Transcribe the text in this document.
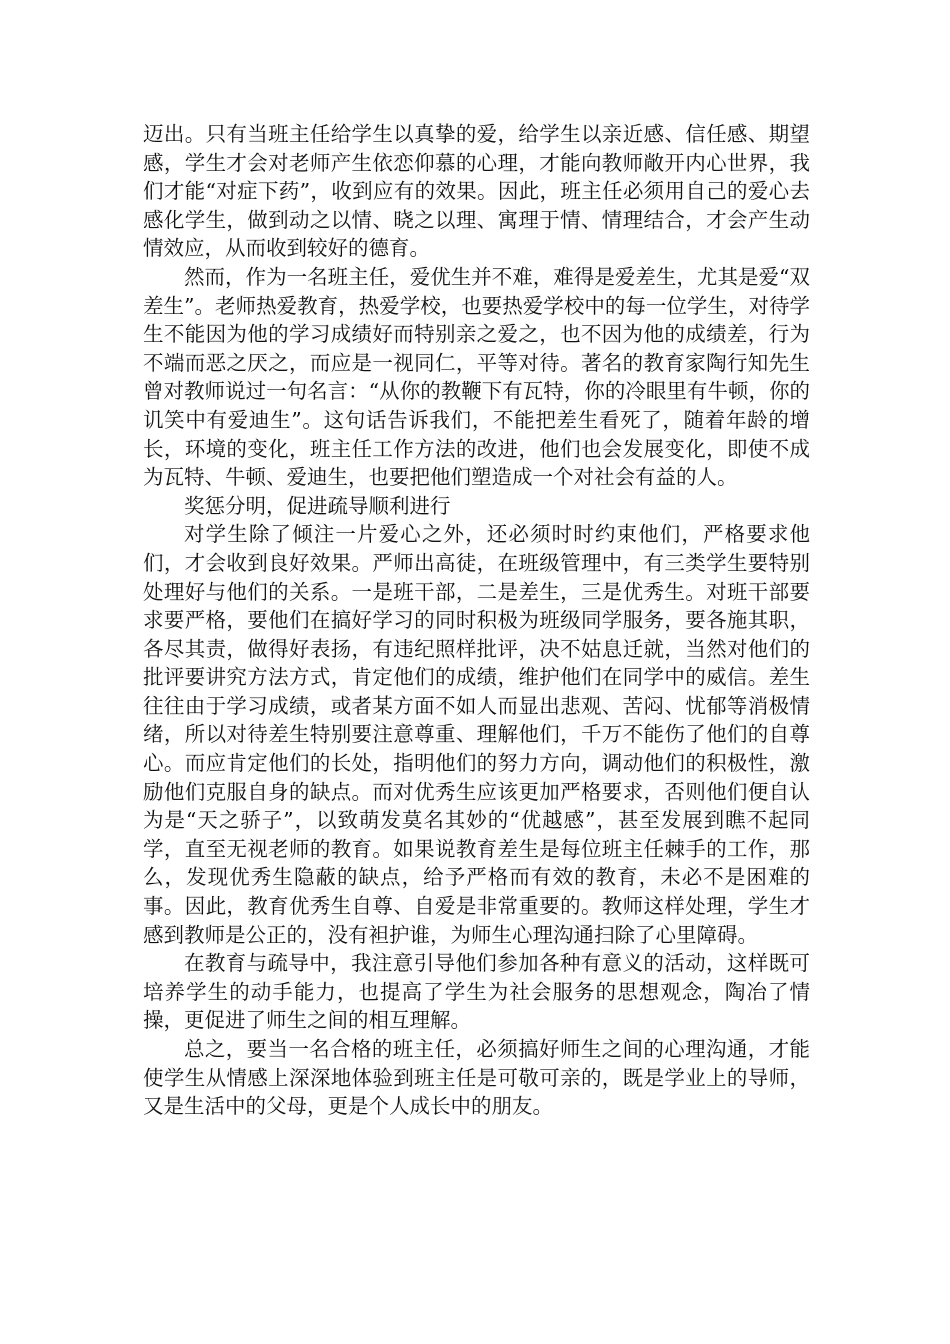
迈出。只有当班主任给学生以真挚的爱，给学生以亲近感、信任感、期望感，学生才会对老师产生依恋仰慕的心理，才能向教师敞开内心世界，我们才能“对症下药”，收到应有的效果。因此，班主任必须用自己的爱心去感化学生，做到动之以情、晓之以理、寓理于情、情理结合，才会产生动情效应，从而收到较好的德育。

然而，作为一名班主任，爱优生并不难，难得是爱差生，尤其是爱“双差生”。老师热爱教育，热爱学校，也要热爱学校中的每一位学生，对待学生不能因为他的学习成绩好而特别亲之爱之，也不因为他的成绩差，行为不端而恶之厌之，而应是一视同仁，平等对待。著名的教育家陶行知先生曾对教师说过一句名言：“从你的教鞭下有瓦特，你的冷眼里有牛顿，你的讥笑中有爱迪生”。这句话告诉我们，不能把差生看死了，随着年龄的增长，环境的变化，班主任工作方法的改进，他们也会发展变化，即使不成为瓦特、牛顿、爱迪生，也要把他们塑造成一个对社会有益的人。

奖惩分明，促进疏导顺利进行

对学生除了倾注一片爱心之外，还必须时时约束他们，严格要求他们，才会收到良好效果。严师出高徒，在班级管理中，有三类学生要特别处理好与他们的关系。一是班干部，二是差生，三是优秀生。对班干部要求要严格，要他们在搞好学习的同时积极为班级同学服务，要各施其职，各尽其责，做得好表扬，有违纪照样批评，决不姑息迁就，当然对他们的批评要讲究方法方式，肯定他们的成绩，维护他们在同学中的威信。差生往往由于学习成绩，或者某方面不如人而显出悲观、苦闷、忧郁等消极情绪，所以对待差生特别要注意尊重、理解他们，千万不能伤了他们的自尊心。而应肯定他们的长处，指明他们的努力方向，调动他们的积极性，激励他们克服自身的缺点。而对优秀生应该更加严格要求，否则他们便自认为是“天之骄子”，以致萌发莫名其妙的“优越感”，甚至发展到瞧不起同学，直至无视老师的教育。如果说教育差生是每位班主任棘手的工作，那么，发现优秀生隐蔽的缺点，给予严格而有效的教育，未必不是困难的事。因此，教育优秀生自尊、自爱是非常重要的。教师这样处理，学生才感到教师是公正的，没有袒护谁，为师生心理沟通扫除了心里障碍。

在教育与疏导中，我注意引导他们参加各种有意义的活动，这样既可培养学生的动手能力，也提高了学生为社会服务的思想观念，陶冶了情操，更促进了师生之间的相互理解。

总之，要当一名合格的班主任，必须搞好师生之间的心理沟通，才能使学生从情感上深深地体验到班主任是可敬可亲的，既是学业上的导师，又是生活中的父母，更是个人成长中的朋友。
